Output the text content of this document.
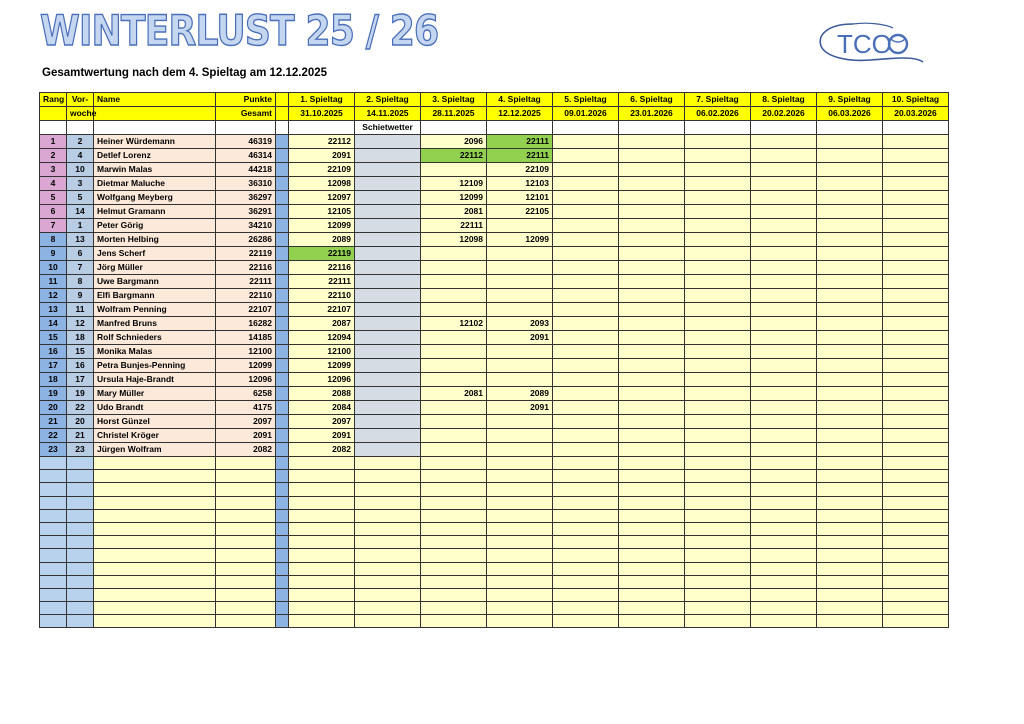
WINTERLUST 25 / 26
Gesamtwertung nach dem 4. Spieltag am 12.12.2025
TCO
Rang	Vor-	Name	Punkte		1. Spieltag	2. Spieltag	3. Spieltag	4. Spieltag	5. Spieltag	6. Spieltag	7. Spieltag	8. Spieltag	9. Spieltag	10. Spieltag
	woche		Gesamt		31.10.2025	14.11.2025	28.11.2025	12.12.2025	09.01.2026	23.01.2026	06.02.2026	20.02.2026	06.03.2026	20.03.2026
						Schietwetter								
1	2	Heiner Würdemann	46319		22112		2096	22111						
2	4	Detlef Lorenz	46314		2091		22112	22111						
3	10	Marwin Malas	44218		22109			22109						
4	3	Dietmar Maluche	36310		12098		12109	12103						
5	5	Wolfgang Meyberg	36297		12097		12099	12101						
6	14	Helmut Gramann	36291		12105		2081	22105						
7	1	Peter Görig	34210		12099		22111							
8	13	Morten Helbing	26286		2089		12098	12099						
9	6	Jens Scherf	22119		22119									
10	7	Jörg Müller	22116		22116									
11	8	Uwe Bargmann	22111		22111									
12	9	Elfi Bargmann	22110		22110									
13	11	Wolfram Penning	22107		22107									
14	12	Manfred Bruns	16282		2087		12102	2093						
15	18	Rolf Schnieders	14185		12094			2091						
16	15	Monika Malas	12100		12100									
17	16	Petra Bunjes-Penning	12099		12099									
18	17	Ursula Haje-Brandt	12096		12096									
19	19	Mary Müller	6258		2088		2081	2089						
20	22	Udo Brandt	4175		2084			2091						
21	20	Horst Günzel	2097		2097									
22	21	Christel Kröger	2091		2091									
23	23	Jürgen Wolfram	2082		2082									
